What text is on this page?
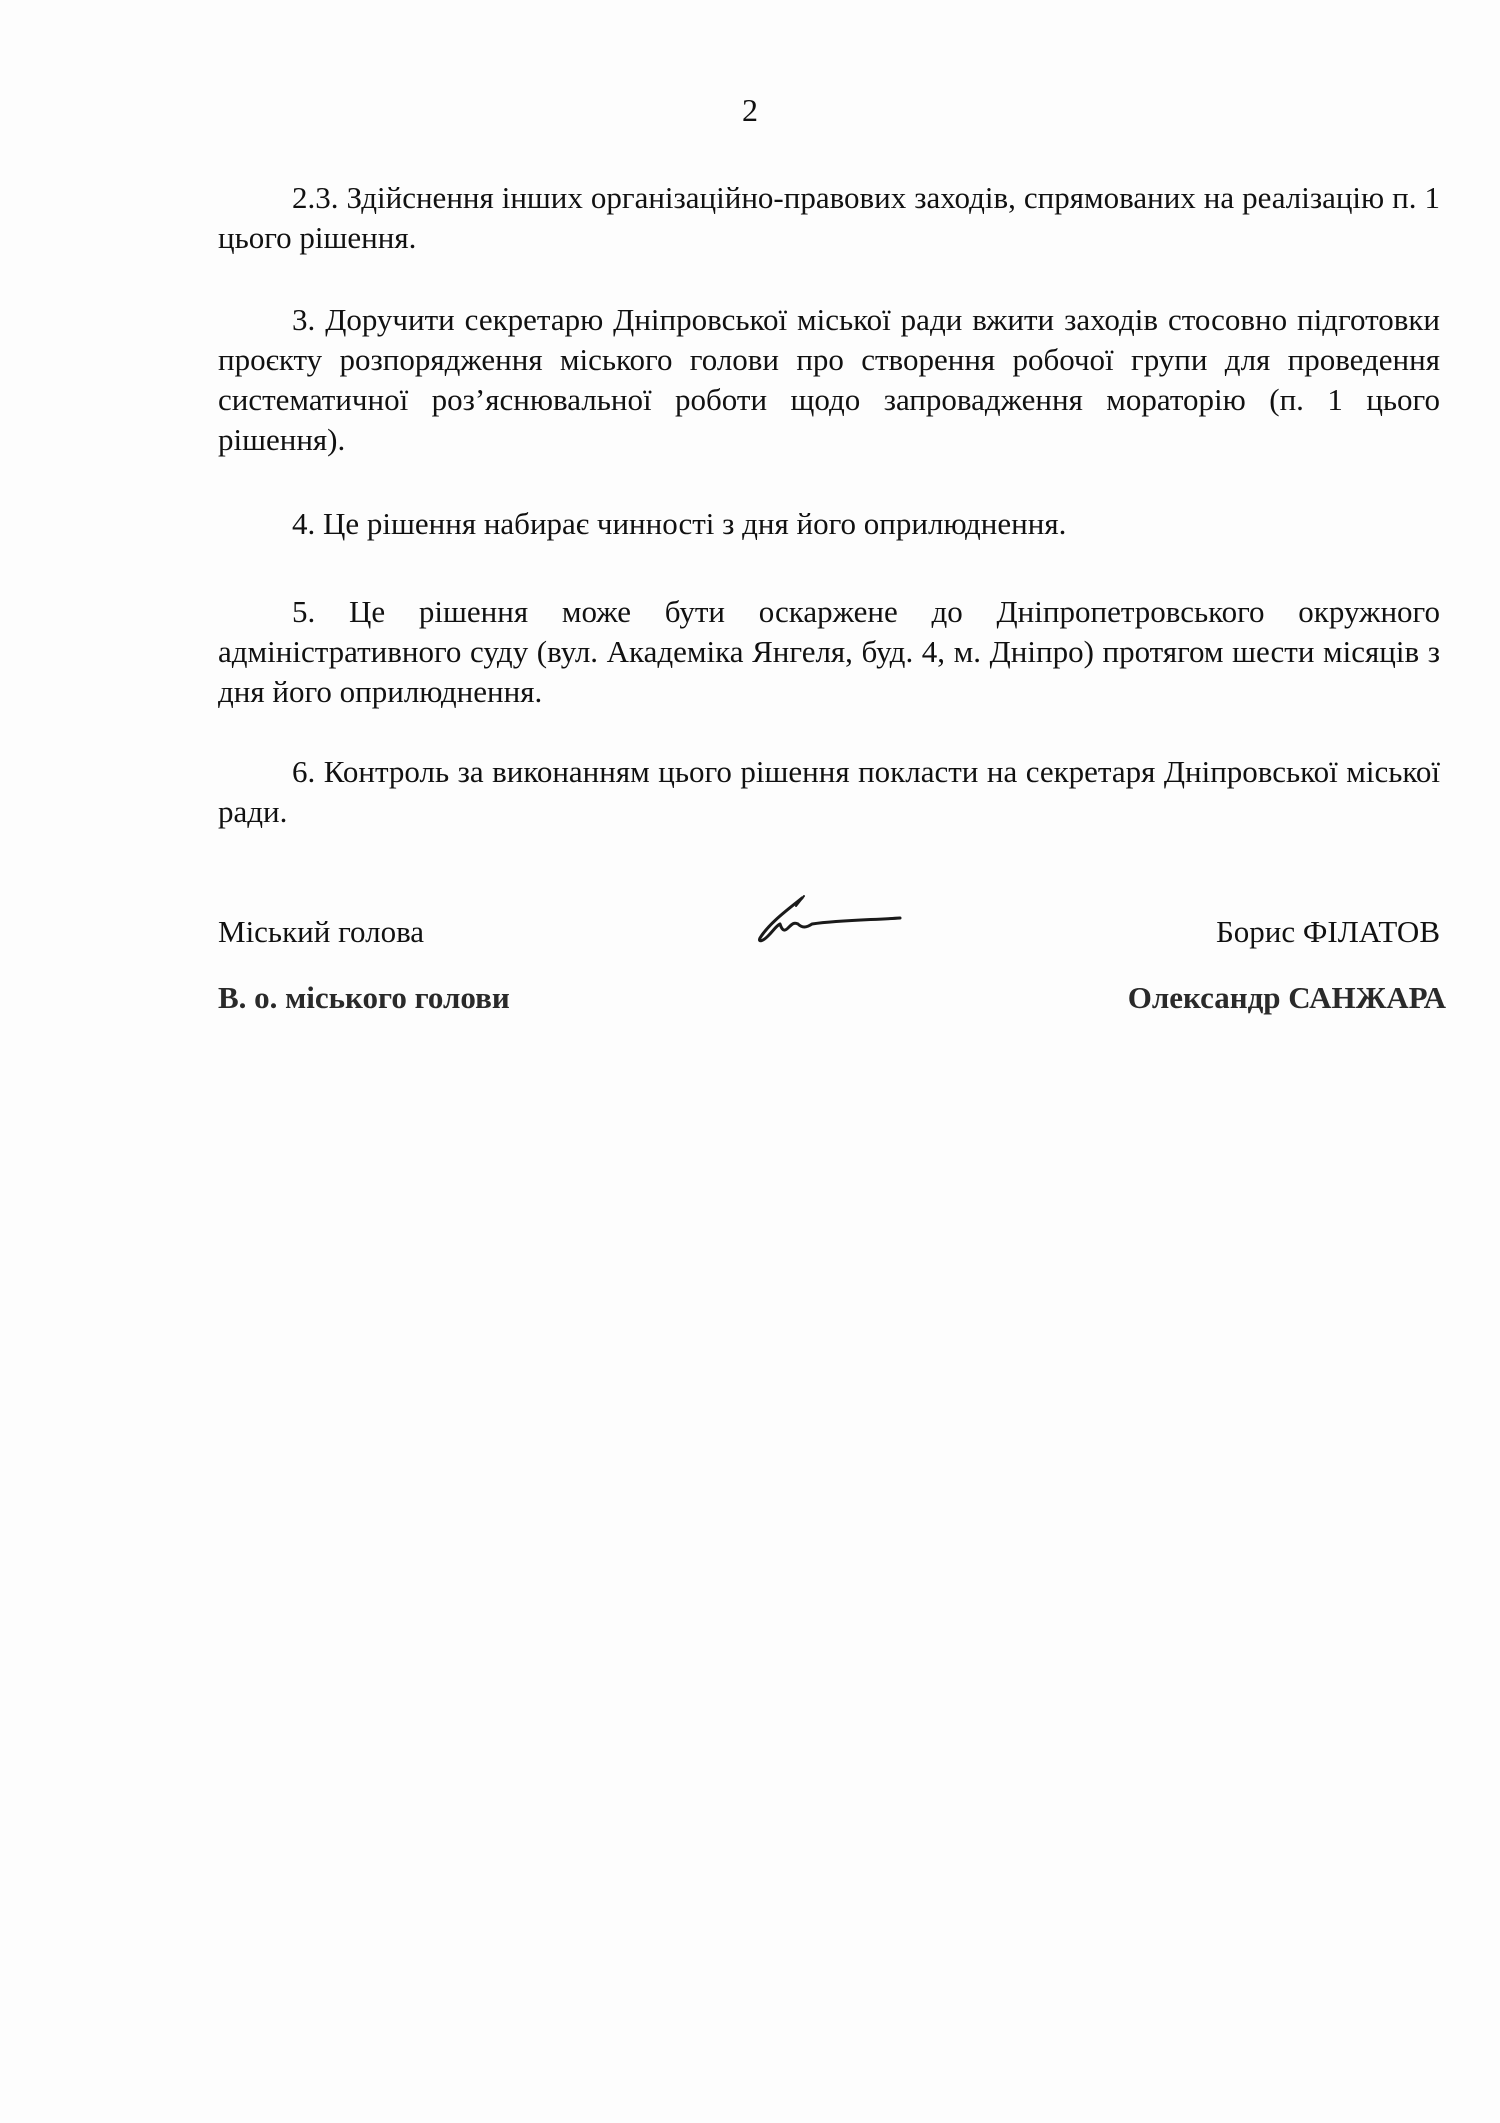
2

2.3. Здійснення інших організаційно-правових заходів, спрямованих на реалізацію п. 1 цього рішення.

3. Доручити секретарю Дніпровської міської ради вжити заходів стосовно підготовки проєкту розпорядження міського голови про створення робочої групи для проведення систематичної роз’яснювальної роботи щодо запровадження мораторію (п. 1 цього рішення).

4. Це рішення набирає чинності з дня його оприлюднення.

5. Це рішення може бути оскаржене до Дніпропетровського окружного адміністративного суду (вул. Академіка Янгеля, буд. 4, м. Дніпро) протягом шести місяців з дня його оприлюднення.

6. Контроль за виконанням цього рішення покласти на секретаря Дніпровської міської ради.

Міський голова	Борис ФІЛАТОВ
В. о. міського голови	Олександр САНЖАРА
